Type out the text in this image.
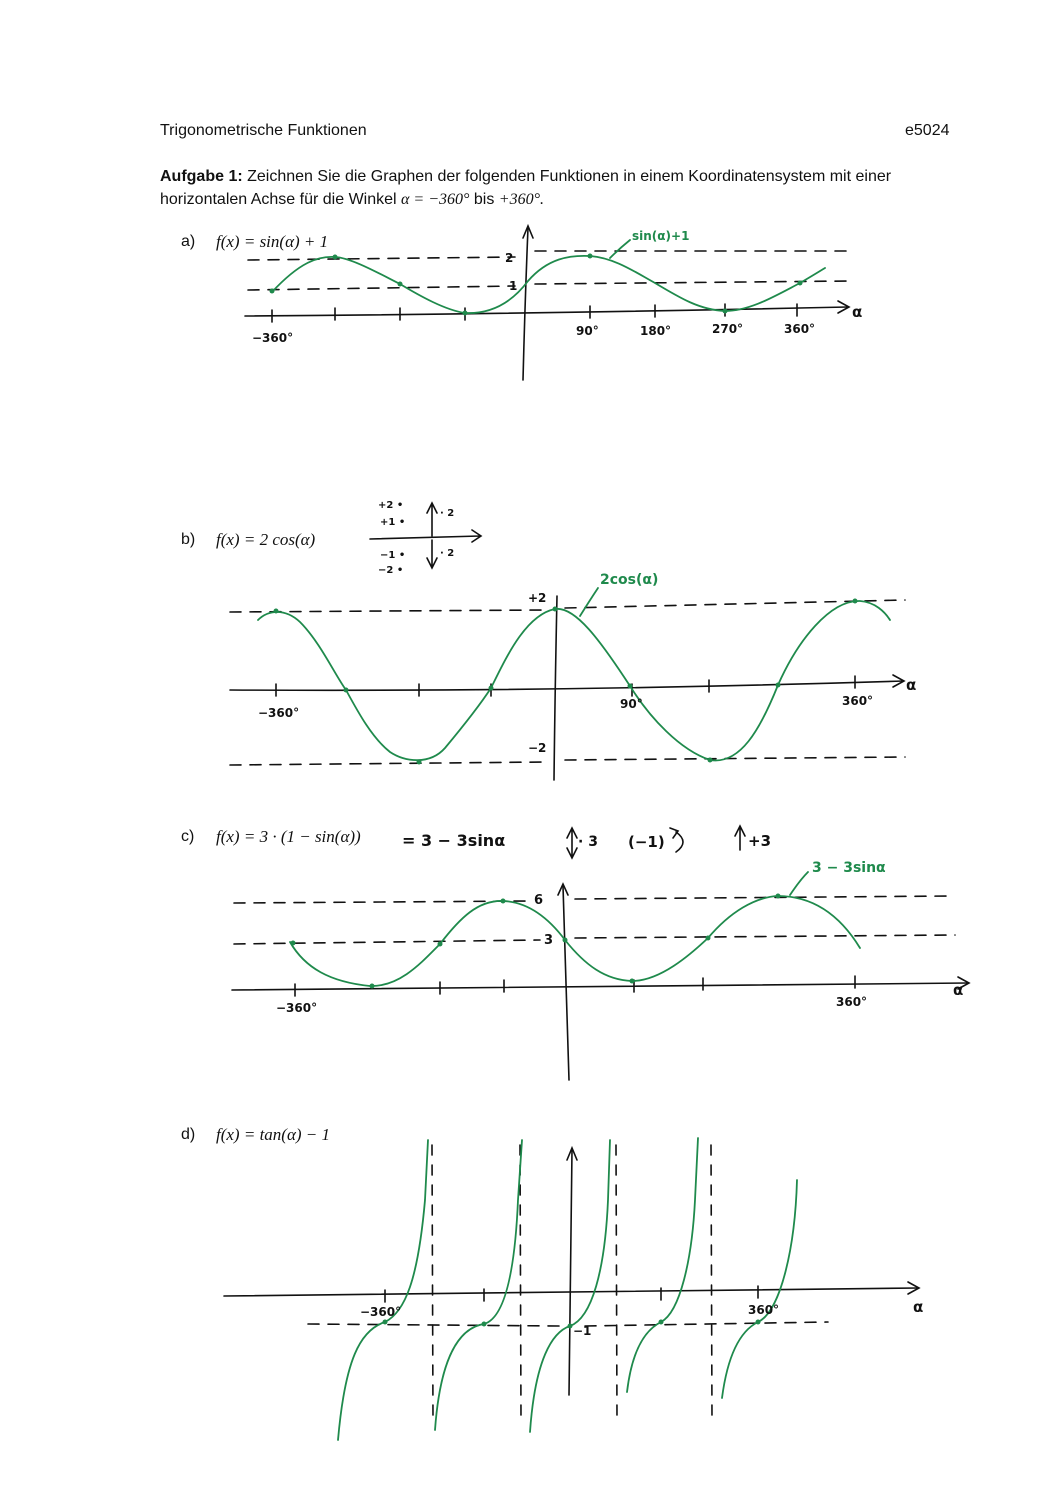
Trigonometrische Funktionen	e5024
Aufgabe 1: Zeichnen Sie die Graphen der folgenden Funktionen in einem Koordinatensystem mit einer horizontalen Achse für die Winkel α = −360° bis +360°.
a) f(x) = sin(α) + 1
b) f(x) = 2 cos(α)
c) f(x) = 3 · (1 − sin(α))
d) f(x) = tan(α) − 1
2
1
α
−360°	90°	180°	270°	360°
+2 •
+1 •
−1 •
−2 •
· 2
· 2
+2
−2
α
−360°
90°	360°
= 3 − 3sinα	· 3 (−1)	+3
6
3
α
−360°	360°
−1
α
−360°	360°
sin(α)+1
2cos(α)
3 − 3sinα
